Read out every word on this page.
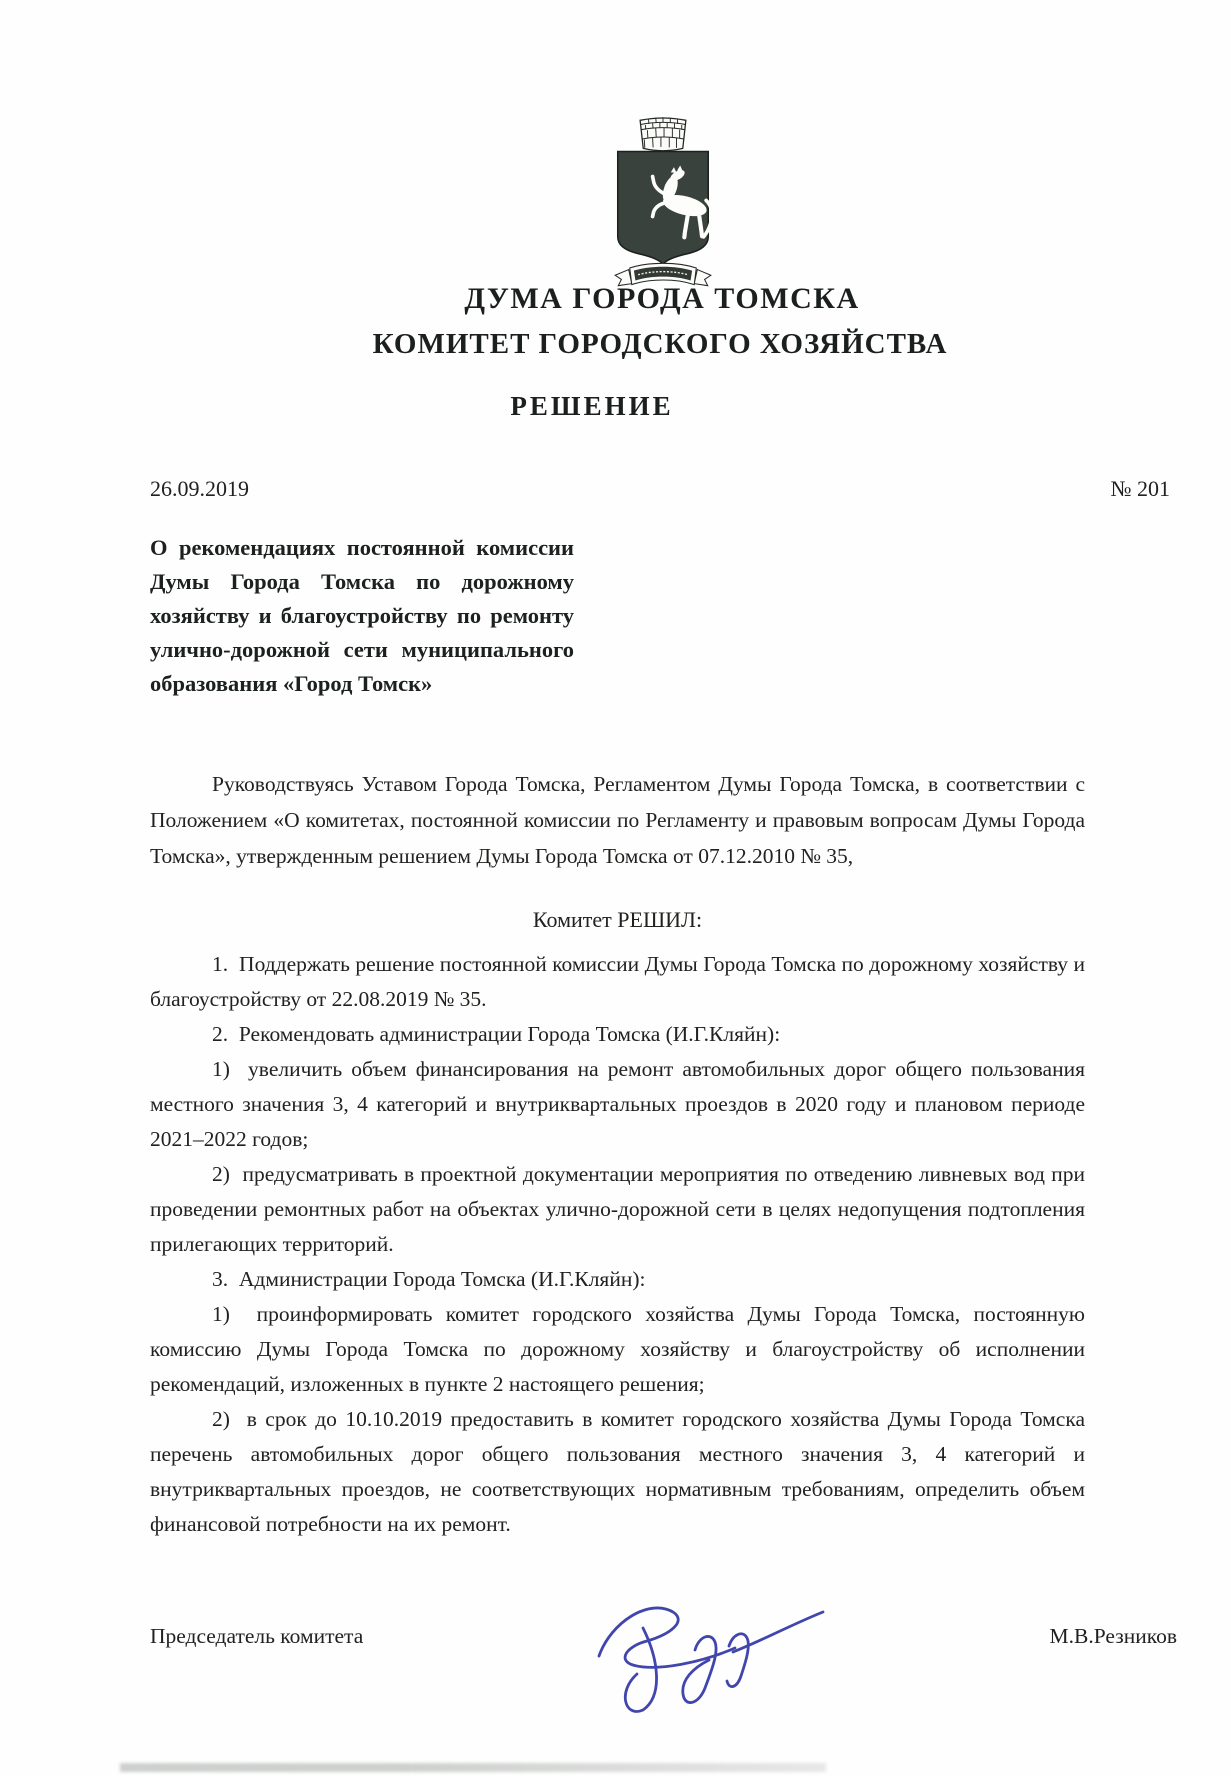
ДУМА ГОРОДА ТОМСКА
КОМИТЕТ ГОРОДСКОГО ХОЗЯЙСТВА
РЕШЕНИЕ
26.09.2019	№ 201
О рекомендациях постоянной комиссии Думы Города Томска по дорожному хозяйству и благоустройству по ремонту улично-дорожной сети муниципального образования «Город Томск»
Руководствуясь Уставом Города Томска, Регламентом Думы Города Томска, в соответствии с Положением «О комитетах, постоянной комиссии по Регламенту и правовым вопросам Думы Города Томска», утвержденным решением Думы Города Томска от 07.12.2010 № 35,
Комитет РЕШИЛ:

1.  Поддержать решение постоянной комиссии Думы Города Томска по дорожному хозяйству и благоустройству от 22.08.2019 № 35.

2.  Рекомендовать администрации Города Томска (И.Г.Кляйн):

1)  увеличить объем финансирования на ремонт автомобильных дорог общего пользования местного значения 3, 4 категорий и внутриквартальных проездов в 2020 году и плановом периоде 2021–2022 годов;

2)  предусматривать в проектной документации мероприятия по отведению ливневых вод при проведении ремонтных работ на объектах улично-дорожной сети в целях недопущения подтопления прилегающих территорий.

3.  Администрации Города Томска (И.Г.Кляйн):

1)  проинформировать комитет городского хозяйства Думы Города Томска, постоянную комиссию Думы Города Томска по дорожному хозяйству и благоустройству об исполнении рекомендаций, изложенных в пункте 2 настоящего решения;

2)  в срок до 10.10.2019 предоставить в комитет городского хозяйства Думы Города Томска перечень автомобильных дорог общего пользования местного значения 3, 4 категорий и внутриквартальных проездов, не соответствующих нормативным требованиям, определить объем финансовой потребности на их ремонт.

Председатель комитета	М.В.Резников
